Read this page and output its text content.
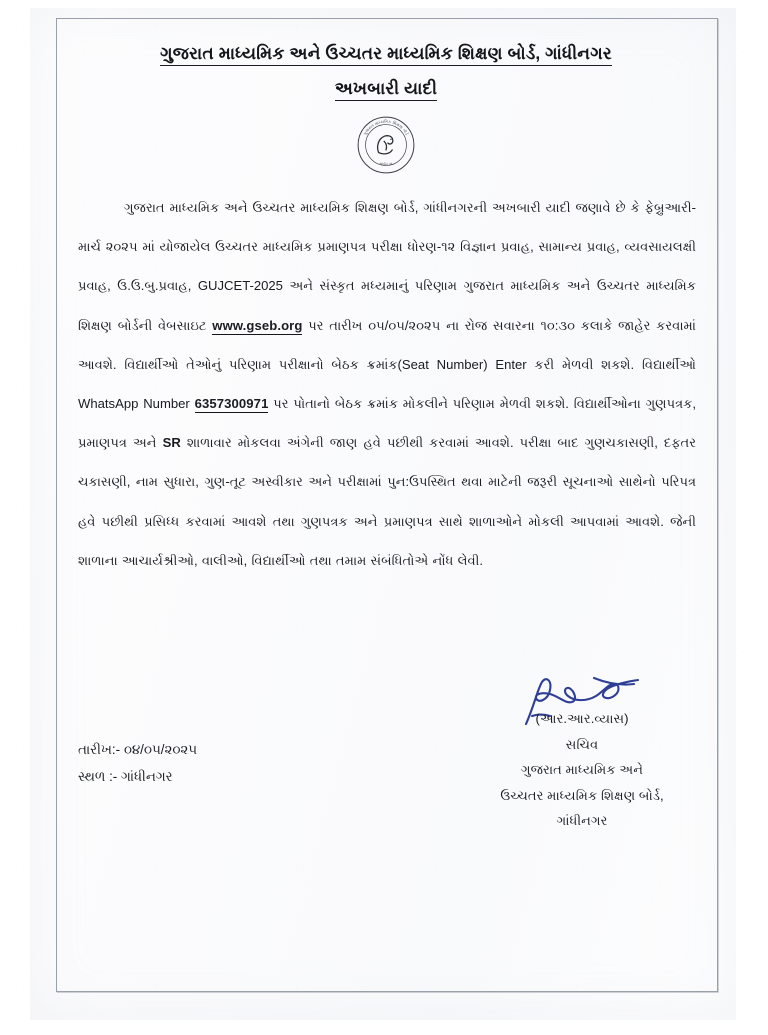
ગુજરાત માધ્યમિક અને ઉચ્ચતર માધ્યમિક શિક્ષણ બોર્ડ, ગાંધીનગર
અખબારી યાદી
ગુજરાત માધ્યમિક શિક્ષણ બોર્ડ
ગાંધીનગર
ગુજરાત માધ્યમિક અને ઉચ્ચતર માધ્યમિક શિક્ષણ બોર્ડ, ગાંધીનગરની અખબારી યાદી જણાવે છે કે ફેબ્રુઆરી-માર્ચ ૨૦૨૫ માં યોજાયેલ ઉચ્ચતર માધ્યમિક પ્રમાણપત્ર પરીક્ષા ધોરણ-૧૨ વિજ્ઞાન પ્રવાહ, સામાન્ય પ્રવાહ, વ્યવસાયલક્ષી પ્રવાહ, ઉ.ઉ.બુ.પ્રવાહ, GUJCET-2025 અને સંસ્કૃત મધ્યમાનું પરિણામ ગુજરાત માધ્યમિક અને ઉચ્ચતર માધ્યમિક શિક્ષણ બોર્ડની વેબસાઇટ www.gseb.org પર તારીખ ૦૫/૦૫/૨૦૨૫ ના રોજ સવારના ૧૦:૩૦ કલાકે જાહેર કરવામાં આવશે. વિદ્યાર્થીઓ તેઓનું પરિણામ પરીક્ષાનો બેઠક ક્રમાંક(Seat Number) Enter કરી મેળવી શકશે. વિદ્યાર્થીઓ WhatsApp Number 6357300971 પર પોતાનો બેઠક ક્રમાંક મોકલીને પરિણામ મેળવી શકશે. વિદ્યાર્થીઓના ગુણપત્રક, પ્રમાણપત્ર અને SR શાળાવાર મોકલવા અંગેની જાણ હવે પછીથી કરવામાં આવશે. પરીક્ષા બાદ ગુણચકાસણી, દફતર ચકાસણી, નામ સુધારા, ગુણ-તૂટ અસ્વીકાર અને પરીક્ષામાં પુન:ઉપસ્થિત થવા માટેની જરૂરી સૂચનાઓ સાથેનો પરિપત્ર હવે પછીથી પ્રસિધ્ધ કરવામાં આવશે તથા ગુણપત્રક અને પ્રમાણપત્ર સાથે શાળાઓને મોકલી આપવામાં આવશે. જેની શાળાના આચાર્યશ્રીઓ, વાલીઓ, વિદ્યાર્થીઓ તથા તમામ સંબંધિતોએ નોંધ લેવી.
તારીખ:- ૦૪/૦૫/૨૦૨૫
સ્થળ :- ગાંધીનગર
(આર.આર.વ્યાસ)
સચિવ
ગુજરાત માધ્યમિક અને
ઉચ્ચતર માધ્યમિક શિક્ષણ બોર્ડ,
ગાંધીનગર
